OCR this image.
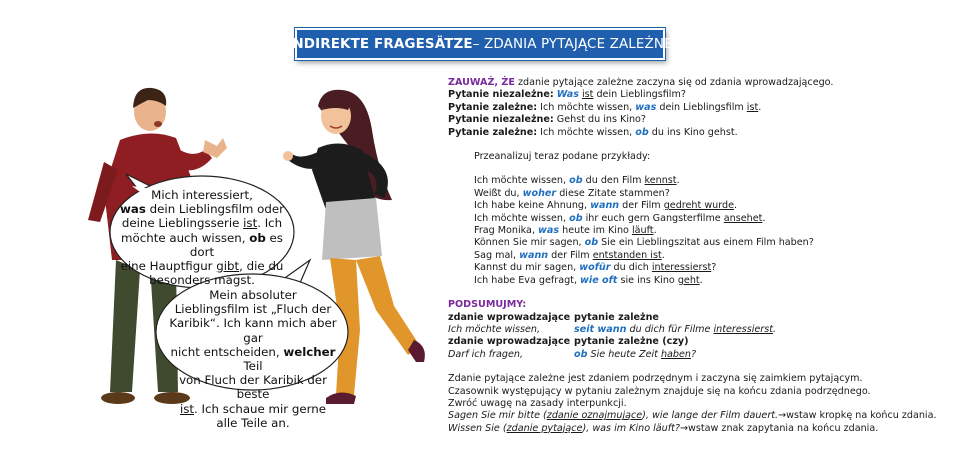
INDIREKTE FRAGESÄTZE – ZDANIA PYTAJĄCE ZALEŻNE
Mich interessiert,
was dein Lieblingsfilm oder
deine Lieblingsserie ist. Ich
möchte auch wissen, ob es dort
eine Hauptfigur gibt, die du
besonders magst.
Mein absoluter
Lieblingsfilm ist „Fluch der
Karibik“. Ich kann mich aber gar
nicht entscheiden, welcher Teil
von Fluch der Karibik der beste
ist. Ich schaue mir gerne
alle Teile an.
ZAUWAŻ, ŻE zdanie pytające zależne zaczyna się od zdania wprowadzającego.
Pytanie niezależne: Was ist dein Lieblingsfilm?
Pytanie zależne: Ich möchte wissen, was dein Lieblingsfilm ist.
Pytanie niezależne: Gehst du ins Kino?
Pytanie zależne: Ich möchte wissen, ob du ins Kino gehst.
Przeanalizuj teraz podane przykłady:
Ich möchte wissen, ob du den Film kennst.
Weißt du, woher diese Zitate stammen?
Ich habe keine Ahnung, wann der Film gedreht wurde.
Ich möchte wissen, ob ihr euch gern Gangsterfilme ansehet.
Frag Monika, was heute im Kino läuft.
Können Sie mir sagen, ob Sie ein Lieblingszitat aus einem Film haben?
Sag mal, wann der Film entstanden ist.
Kannst du mir sagen, wofür du dich interessierst?
Ich habe Eva gefragt, wie oft sie ins Kino geht.
PODSUMUJMY:
zdanie wprowadzające pytanie zależne
Ich möchte wissen,	seit wann du dich für Filme interessierst.
zdanie wprowadzające pytanie zależne (czy)
Darf ich fragen,	ob Sie heute Zeit haben?
Zdanie pytające zależne jest zdaniem podrzędnym i zaczyna się zaimkiem pytającym.
Czasownik występujący w pytaniu zależnym znajduje się na końcu zdania podrzędnego.
Zwróć uwagę na zasady interpunkcji.
Sagen Sie mir bitte (zdanie oznajmujące), wie lange der Film dauert.→wstaw kropkę na końcu zdania.
Wissen Sie (zdanie pytające), was im Kino läuft?→wstaw znak zapytania na końcu zdania.
